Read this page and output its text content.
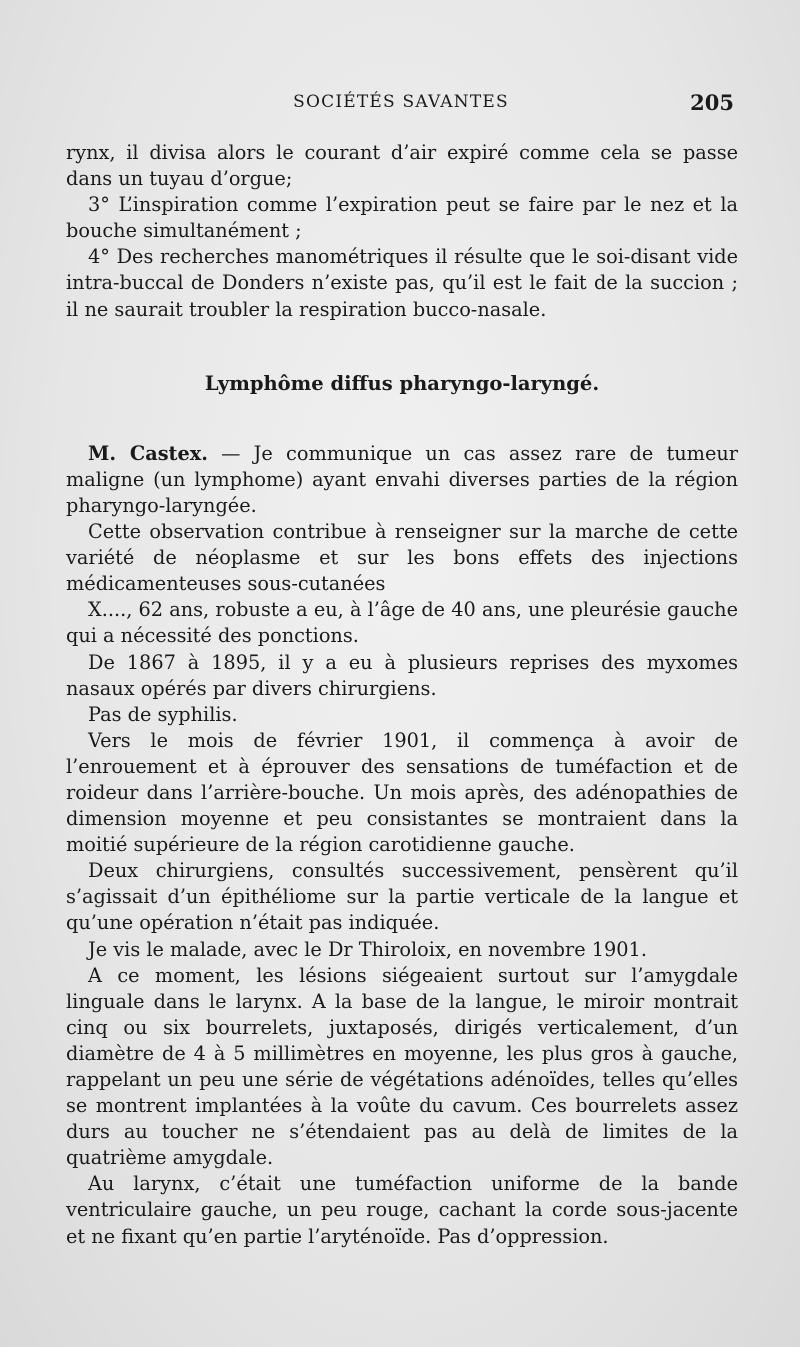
SOCIÉTÉS SAVANTES	205

rynx, il divisa alors le courant d’air expiré comme cela se passe dans un tuyau d’orgue;

3° L’inspiration comme l’expiration peut se faire par le nez et la bouche simultanément ;

4° Des recherches manométriques il résulte que le soi-disant vide intra-buccal de Donders n’existe pas, qu’il est le fait de la succion ; il ne saurait troubler la respiration bucco-nasale.

Lymphôme diffus pharyngo-laryngé.

M. Castex. — Je communique un cas assez rare de tumeur maligne (un lymphome) ayant envahi diverses parties de la région pharyngo-laryngée.

Cette observation contribue à renseigner sur la marche de cette variété de néoplasme et sur les bons effets des injections médicamenteuses sous-cutanées

X...., 62 ans, robuste a eu, à l’âge de 40 ans, une pleurésie gauche qui a nécessité des ponctions.

De 1867 à 1895, il y a eu à plusieurs reprises des myxomes nasaux opérés par divers chirurgiens.

Pas de syphilis.

Vers le mois de février 1901, il commença à avoir de l’enrouement et à éprouver des sensations de tuméfaction et de roideur dans l’arrière-bouche. Un mois après, des adénopathies de dimension moyenne et peu consistantes se montraient dans la moitié supérieure de la région carotidienne gauche.

Deux chirurgiens, consultés successivement, pensèrent qu’il s’agissait d’un épithéliome sur la partie verticale de la langue et qu’une opération n’était pas indiquée.

Je vis le malade, avec le Dr Thiroloix, en novembre 1901.

A ce moment, les lésions siégeaient surtout sur l’amygdale linguale dans le larynx. A la base de la langue, le miroir montrait cinq ou six bourrelets, juxtaposés, dirigés verticalement, d’un diamètre de 4 à 5 millimètres en moyenne, les plus gros à gauche, rappelant un peu une série de végétations adénoïdes, telles qu’elles se montrent implantées à la voûte du cavum. Ces bourrelets assez durs au toucher ne s’étendaient pas au delà de limites de la quatrième amygdale.

Au larynx, c’était une tuméfaction uniforme de la bande ventriculaire gauche, un peu rouge, cachant la corde sous-jacente et ne fixant qu’en partie l’aryténoïde. Pas d’oppression.
